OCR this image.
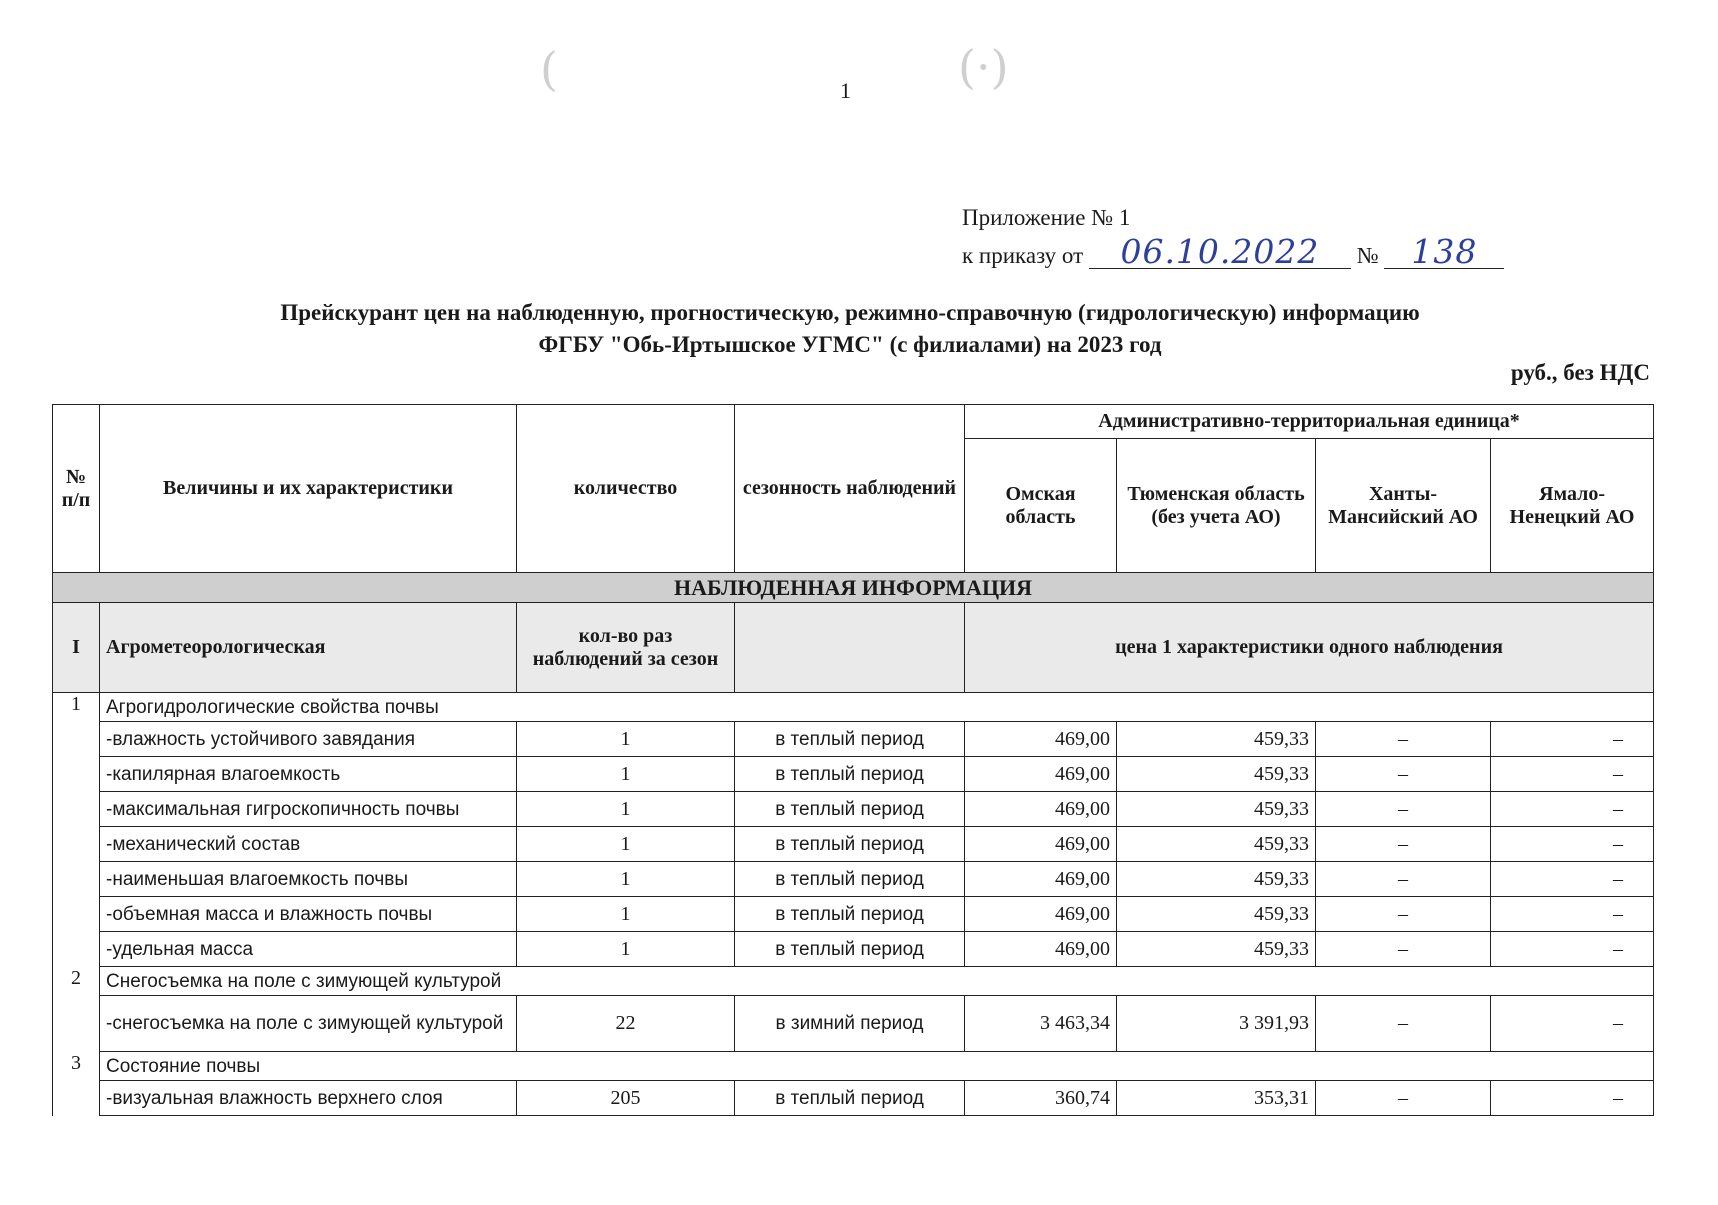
1
(	(·)
Приложение № 1
к приказу от 06.10.2022 № 138
Прейскурант цен на наблюденную, прогностическую, режимно-справочную (гидрологическую) информацию
ФГБУ "Обь-Иртышское УГМС" (с филиалами) на 2023 год
руб., без НДС
№ п/п	Величины и их характеристики	количество	сезонность наблюдений	Административно-территориальная единица*			
				Омская область	Тюменская область (без учета АО)	Ханты-Мансийский АО	Ямало-Ненецкий АО
НАБЛЮДЕННАЯ ИНФОРМАЦИЯ							
I	Агрометеорологическая	кол-во раз наблюдений за сезон		цена 1 характеристики одного наблюдения			
1	Агрогидрологические свойства почвы						
	-влажность устойчивого завядания	1	в теплый период	469,00	459,33	–	–
	-капилярная влагоемкость	1	в теплый период	469,00	459,33	–	–
	-максимальная гигроскопичность почвы	1	в теплый период	469,00	459,33	–	–
	-механический состав	1	в теплый период	469,00	459,33	–	–
	-наименьшая влагоемкость почвы	1	в теплый период	469,00	459,33	–	–
	-объемная масса и влажность почвы	1	в теплый период	469,00	459,33	–	–
	-удельная масса	1	в теплый период	469,00	459,33	–	–
2	Снегосъемка на поле с зимующей культурой						
	-снегосъемка на поле с зимующей культурой	22	в зимний период	3 463,34	3 391,93	–	–
3	Состояние почвы						
	-визуальная влажность верхнего слоя	205	в теплый период	360,74	353,31	–	–
